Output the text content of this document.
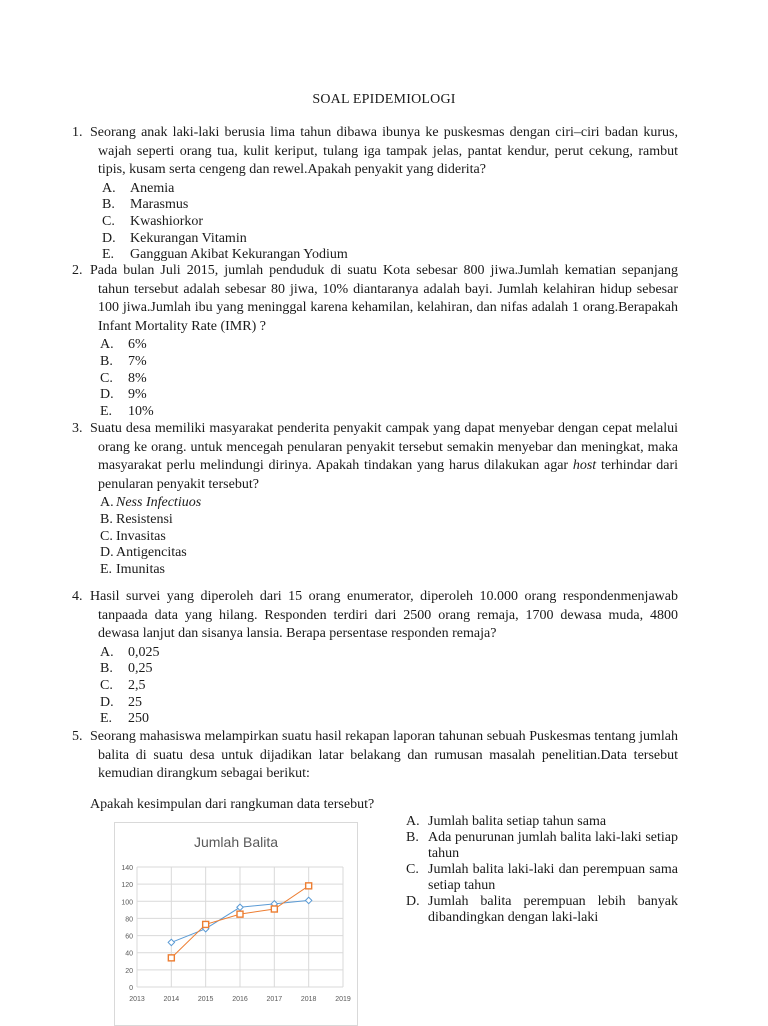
SOAL EPIDEMIOLOGI
1. Seorang anak laki-laki berusia lima tahun dibawa ibunya ke puskesmas dengan ciri–ciri badan kurus, wajah seperti orang tua, kulit keriput, tulang iga tampak jelas, pantat kendur, perut cekung, rambut tipis, kusam serta cengeng dan rewel.Apakah penyakit yang diderita?
A. Anemia
B. Marasmus
C. Kwashiorkor
D. Kekurangan Vitamin
E. Gangguan Akibat Kekurangan Yodium
2. Pada bulan Juli 2015, jumlah penduduk di suatu Kota sebesar 800 jiwa.Jumlah kematian sepanjang tahun tersebut adalah sebesar 80 jiwa, 10% diantaranya adalah bayi. Jumlah kelahiran hidup sebesar 100 jiwa.Jumlah ibu yang meninggal karena kehamilan, kelahiran, dan nifas adalah 1 orang.Berapakah Infant Mortality Rate (IMR) ?
A. 6%
B. 7%
C. 8%
D. 9%
E. 10%
3. Suatu desa memiliki masyarakat penderita penyakit campak yang dapat menyebar dengan cepat melalui orang ke orang. untuk mencegah penularan penyakit tersebut semakin menyebar dan meningkat, maka masyarakat perlu melindungi dirinya. Apakah tindakan yang harus dilakukan agar host terhindar dari penularan penyakit tersebut?
A. Ness Infectiuos
B. Resistensi
C. Invasitas
D. Antigencitas
E. Imunitas
4. Hasil survei yang diperoleh dari 15 orang enumerator, diperoleh 10.000 orang respondenmenjawab tanpaada data yang hilang. Responden terdiri dari 2500 orang remaja, 1700 dewasa muda, 4800 dewasa lanjut dan sisanya lansia. Berapa persentase responden remaja?
A. 0,025
B. 0,25
C. 2,5
D. 25
E. 250
5. Seorang mahasiswa melampirkan suatu hasil rekapan laporan tahunan sebuah Puskesmas tentang jumlah balita di suatu desa untuk dijadikan latar belakang dan rumusan masalah penelitian.Data tersebut kemudian dirangkum sebagai berikut:
Apakah kesimpulan dari rangkuman data tersebut?
Jumlah Balita
0
20
40
60
80
100
120
140
2013	2014	2015	2016	2017	2018	2019
A. Jumlah balita setiap tahun sama
B. Ada penurunan jumlah balita laki-laki setiap tahun
C. Jumlah balita laki-laki dan perempuan sama setiap tahun
D. Jumlah balita perempuan lebih banyak dibandingkan dengan laki-laki
